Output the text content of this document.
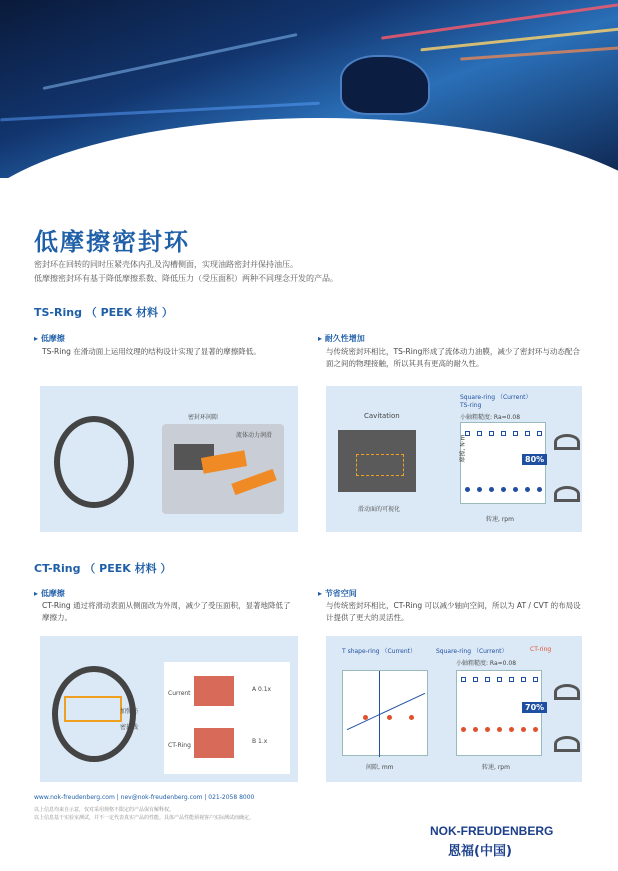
低摩擦密封环
密封环在回转的同时压紧壳体内孔及沟槽侧面，实现油路密封并保持油压。
低摩擦密封环有基于降低摩擦系数、降低压力（受压面积）两种不同理念开发的产品。
TS-Ring （ PEEK 材料 ）
▸ 低摩擦
TS-Ring 在滑动面上运用纹理的结构设计实现了显著的摩擦降低。
▸ 耐久性增加
与传统密封环相比，TS-Ring形成了流体动力油膜，减少了密封环与动态配合面之间的物理接触，所以其具有更高的耐久性。
密封环间隙
流体动力润滑
Cavitation
滑动面的可视化
Square-ring （Current）
TS-ring
小轴粗糙度: Ra=0.08
80%
摩擦, N·m
转速, rpm
CT-Ring （ PEEK 材料 ）
▸ 低摩擦
CT-Ring 通过将滑动表面从侧面改为外周，减少了受压面积，显著地降低了摩擦力。
▸ 节省空间
与传统密封环相比，CT-Ring 可以减少轴向空间，所以为 AT / CVT 的布局设计提供了更大的灵活性。
加强筋
密封线
Current
CT-Ring
A 0.1x
B 1.x
T shape-ring （Current）	Square-ring （Current）	CT-ring
间隙, mm
小轴粗糙度: Ra=0.08
70%
转速, rpm
www.nok-freudenberg.com | nev@nok-freudenberg.com | 021-2058 8000
以上信息均来自示意，仅对采用规格不限定的产品保有解释权。
以上信息基于实验室测试，并不一定代表真实产品的性能。具体产品性能须视客户实际测试而确定。
NOK-FREUDENBERG
恩福(中国)
